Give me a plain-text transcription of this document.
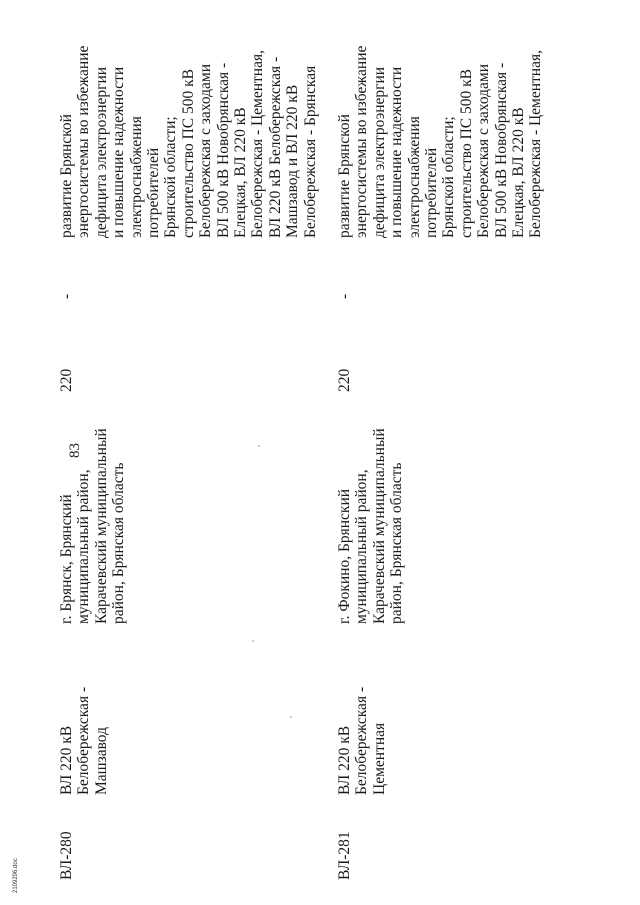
83
ВЛ-280
ВЛ 220 кВ Белобережская - Машзавод
г. Брянск, Брянский муниципальный район, Карачевский муниципальный район, Брянская область
220
-
развитие Брянской энергосистемы во избежание дефицита электроэнергии и повышение надежности электроснабжения потребителей Брянской области; строительство ПС 500 кВ Белобережская с заходами ВЛ 500 кВ Новобрянская - Елецкая, ВЛ 220 кВ Белобережская - Цементная, ВЛ 220 кВ Белобережская - Машзавод и ВЛ 220 кВ Белобережская - Брянская
ВЛ-281
ВЛ 220 кВ Белобережская - Цементная
г. Фокино, Брянский муниципальный район, Карачевский муниципальный район, Брянская область
220
-
развитие Брянской энергосистемы во избежание дефицита электроэнергии и повышение надежности электроснабжения потребителей Брянской области; строительство ПС 500 кВ Белобережская с заходами ВЛ 500 кВ Новобрянская - Елецкая, ВЛ 220 кВ Белобережская - Цементная,
2109296.doc
